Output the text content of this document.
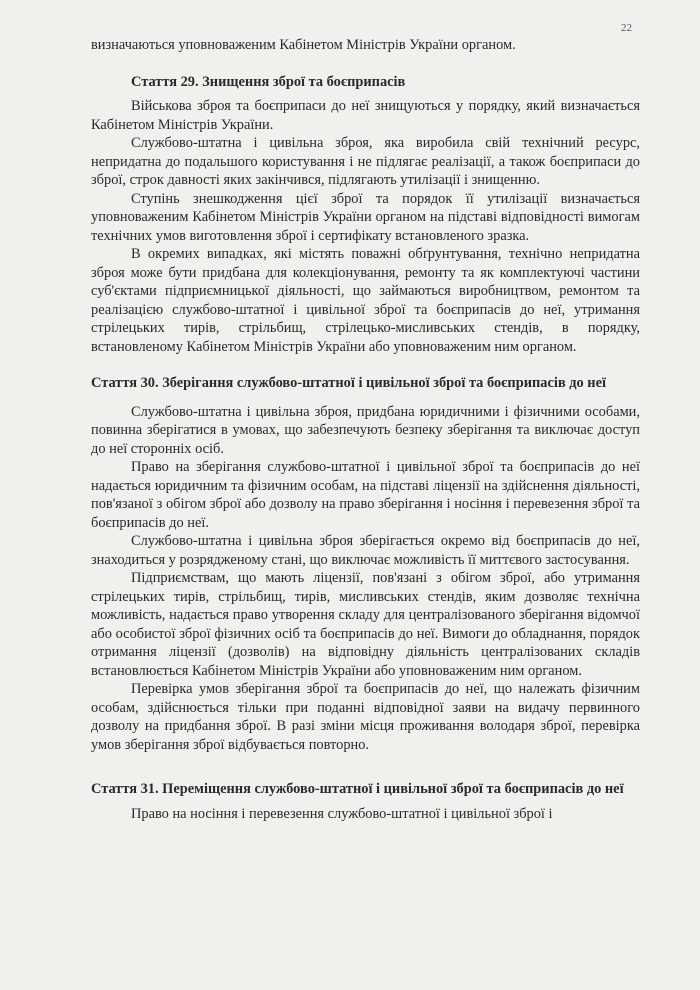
22

визначаються уповноваженим Кабінетом Міністрів України органом.

Стаття 29. Знищення зброї та боєприпасів

Військова зброя та боєприпаси до неї знищуються у порядку, який визначається Кабінетом Міністрів України.

Службово-штатна і цивільна зброя, яка виробила свій технічний ресурс, непридатна до подальшого користування і не підлягає реалізації, а також боєприпаси до зброї, строк давності яких закінчився, підлягають утилізації і знищенню.

Ступінь знешкодження цієї зброї та порядок її утилізації визначається уповноваженим Кабінетом Міністрів України органом на підставі відповідності вимогам технічних умов виготовлення зброї і сертифікату встановленого зразка.

В окремих випадках, які містять поважні обґрунтування, технічно непридатна зброя може бути придбана для колекціонування, ремонту та як комплектуючі частини суб'єктами підприємницької діяльності, що займаються виробництвом, ремонтом та реалізацією службово-штатної і цивільної зброї та боєприпасів до неї, утримання стрілецьких тирів, стрільбищ, стрілецько-мисливських стендів, в порядку, встановленому Кабінетом Міністрів України або уповноваженим ним органом.

Стаття 30. Зберігання службово-штатної і цивільної зброї та боєприпасів до неї

Службово-штатна і цивільна зброя, придбана юридичними і фізичними особами, повинна зберігатися в умовах, що забезпечують безпеку зберігання та виключає доступ до неї сторонніх осіб.

Право на зберігання службово-штатної і цивільної зброї та боєприпасів до неї надається юридичним та фізичним особам, на підставі ліцензії на здійснення діяльності, пов'язаної з обігом зброї або дозволу на право зберігання і носіння і перевезення зброї та боєприпасів до неї.

Службово-штатна і цивільна зброя зберігається окремо від боєприпасів до неї, знаходиться у розрядженому стані, що виключає можливість її миттєвого застосування.

Підприємствам, що мають ліцензії, пов'язані з обігом зброї, або утримання стрілецьких тирів, стрільбищ, тирів, мисливських стендів, яким дозволяє технічна можливість, надається право утворення складу для централізованого зберігання відомчої або особистої зброї фізичних осіб та боєприпасів до неї. Вимоги до обладнання, порядок отримання ліцензії (дозволів) на відповідну діяльність централізованих складів встановлюється Кабінетом Міністрів України або уповноваженим ним органом.

Перевірка умов зберігання зброї та боєприпасів до неї, що належать фізичним особам, здійснюється тільки при поданні відповідної заяви на видачу первинного дозволу на придбання зброї. В разі зміни місця проживання володаря зброї, перевірка умов зберігання зброї відбувається повторно.

Стаття 31. Переміщення службово-штатної і цивільної зброї та боєприпасів до неї

Право на носіння і перевезення службово-штатної і цивільної зброї і
